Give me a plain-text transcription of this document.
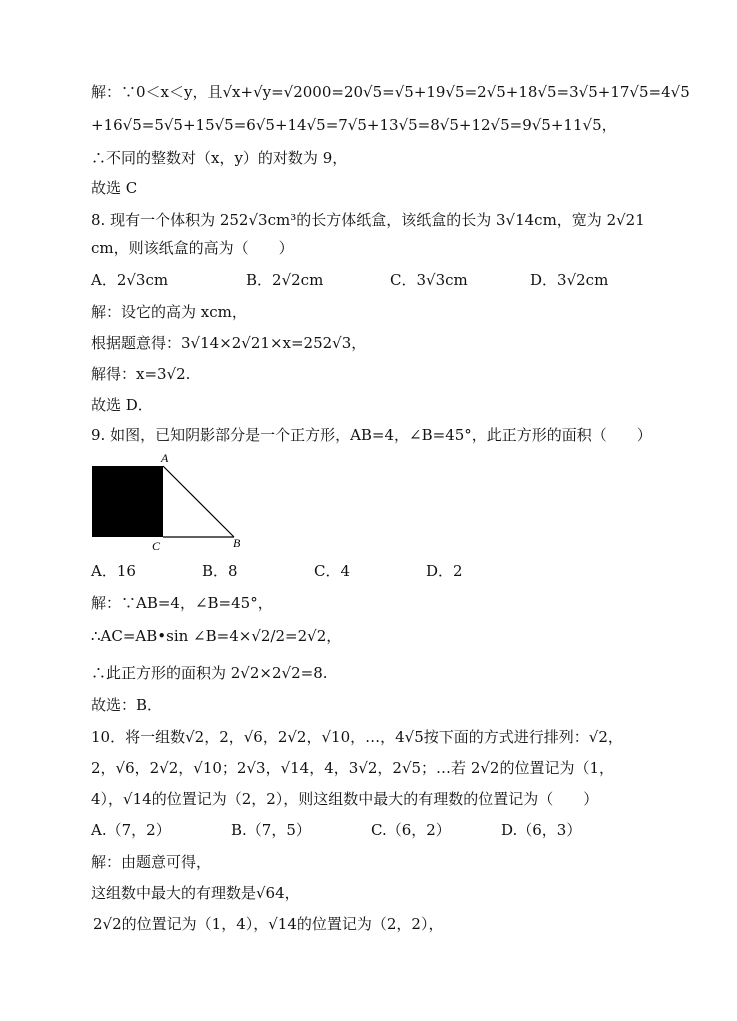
解：∵0＜x＜y，且√x+√y=√2000=20√5=√5+19√5=2√5+18√5=3√5+17√5=4√5
+16√5=5√5+15√5=6√5+14√5=7√5+13√5=8√5+12√5=9√5+11√5，
∴不同的整数对（x，y）的对数为 9，
故选 C
8. 现有一个体积为 252√3cm³的长方体纸盒，该纸盒的长为 3√14cm，宽为 2√21
cm，则该纸盒的高为（　　）
A．2√3cm	B．2√2cm	C．3√3cm	D．3√2cm
解：设它的高为 xcm，
根据题意得：3√14×2√21×x=252√3，
解得：x=3√2.
故选 D．
9. 如图，已知阴影部分是一个正方形，AB=4，∠B=45°，此正方形的面积（　　）
A
B
C
A．16	B．8	C．4	D．2
解：∵AB=4，∠B=45°，
∴AC=AB•sin ∠B=4×√2/2=2√2，
∴此正方形的面积为 2√2×2√2=8.
故选：B．
10．将一组数√2，2，√6，2√2，√10，…，4√5按下面的方式进行排列：√2，
2，√6，2√2，√10；2√3，√14，4，3√2，2√5；…若 2√2的位置记为（1，
4），√14的位置记为（2，2），则这组数中最大的有理数的位置记为（　　）
A.（7，2）	B.（7，5）	C.（6，2）	D.（6，3）
解：由题意可得，
这组数中最大的有理数是√64，
2√2的位置记为（1，4），√14的位置记为（2，2），
